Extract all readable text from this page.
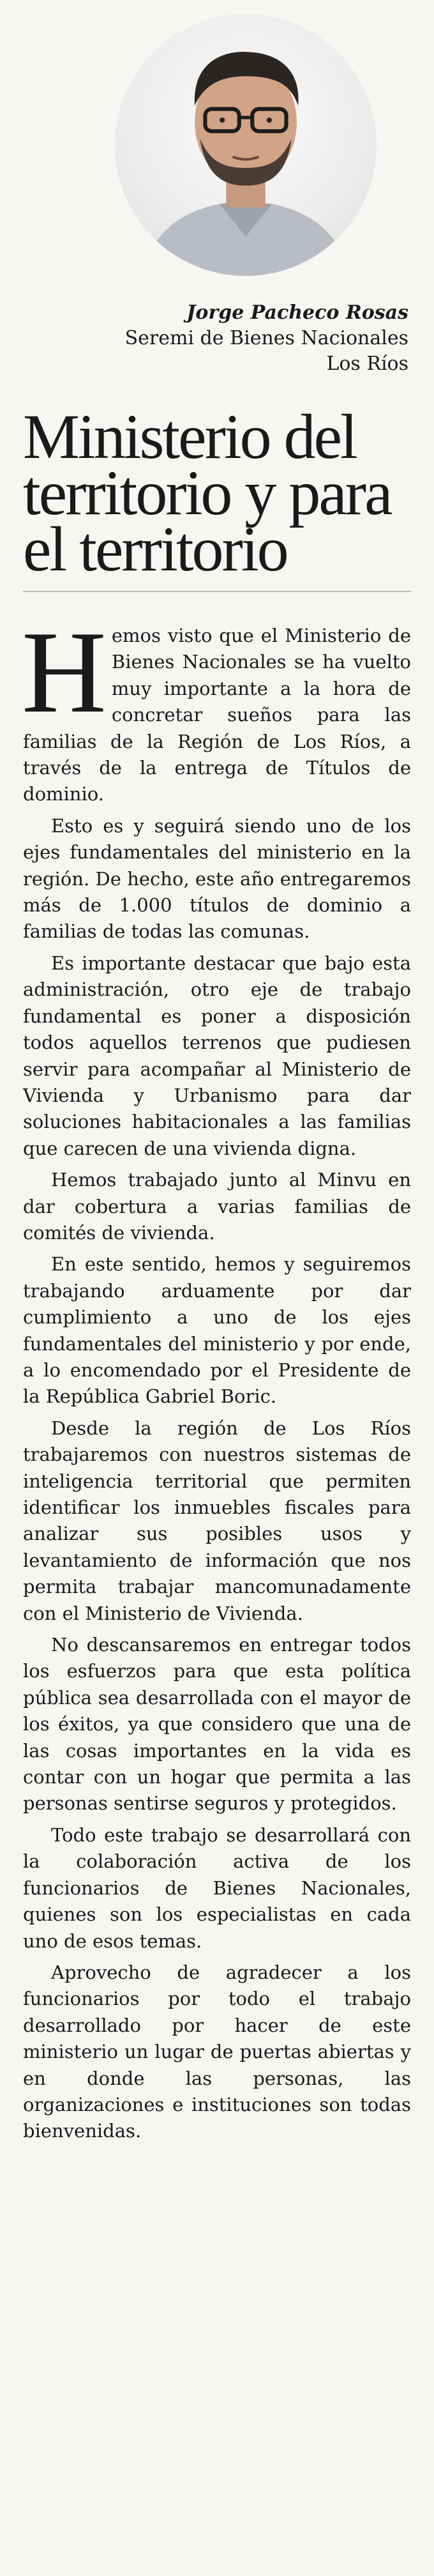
Jorge Pacheco Rosas
Seremi de Bienes Nacionales
Los Ríos
Ministerio del territorio y para el territorio

Hemos visto que el Ministerio de Bienes Nacionales se ha vuelto muy importante a la hora de concretar sueños para las familias de la Región de Los Ríos, a través de la entrega de Títulos de dominio.

Esto es y seguirá siendo uno de los ejes fundamentales del ministerio en la región. De hecho, este año entregaremos más de 1.000 títulos de dominio a familias de todas las comunas.

Es importante destacar que bajo esta administración, otro eje de trabajo fundamental es poner a disposición todos aquellos terrenos que pudiesen servir para acompañar al Ministerio de Vivienda y Urbanismo para dar soluciones habitacionales a las familias que carecen de una vivienda digna.

Hemos trabajado junto al Minvu en dar cobertura a varias familias de comités de vivienda.

En este sentido, hemos y seguiremos trabajando arduamente por dar cumplimiento a uno de los ejes fundamentales del ministerio y por ende, a lo encomendado por el Presidente de la República Gabriel Boric.

Desde la región de Los Ríos trabajaremos con nuestros sistemas de inteligencia territorial que permiten identificar los inmuebles fiscales para analizar sus posibles usos y levantamiento de información que nos permita trabajar mancomunadamente con el Ministerio de Vivienda.

No descansaremos en entregar todos los esfuerzos para que esta política pública sea desarrollada con el mayor de los éxitos, ya que considero que una de las cosas importantes en la vida es contar con un hogar que permita a las personas sentirse seguros y protegidos.

Todo este trabajo se desarrollará con la colaboración activa de los funcionarios de Bienes Nacionales, quienes son los especialistas en cada uno de esos temas.

Aprovecho de agradecer a los funcionarios por todo el trabajo desarrollado por hacer de este ministerio un lugar de puertas abiertas y en donde las personas, las organizaciones e instituciones son todas bienvenidas.
